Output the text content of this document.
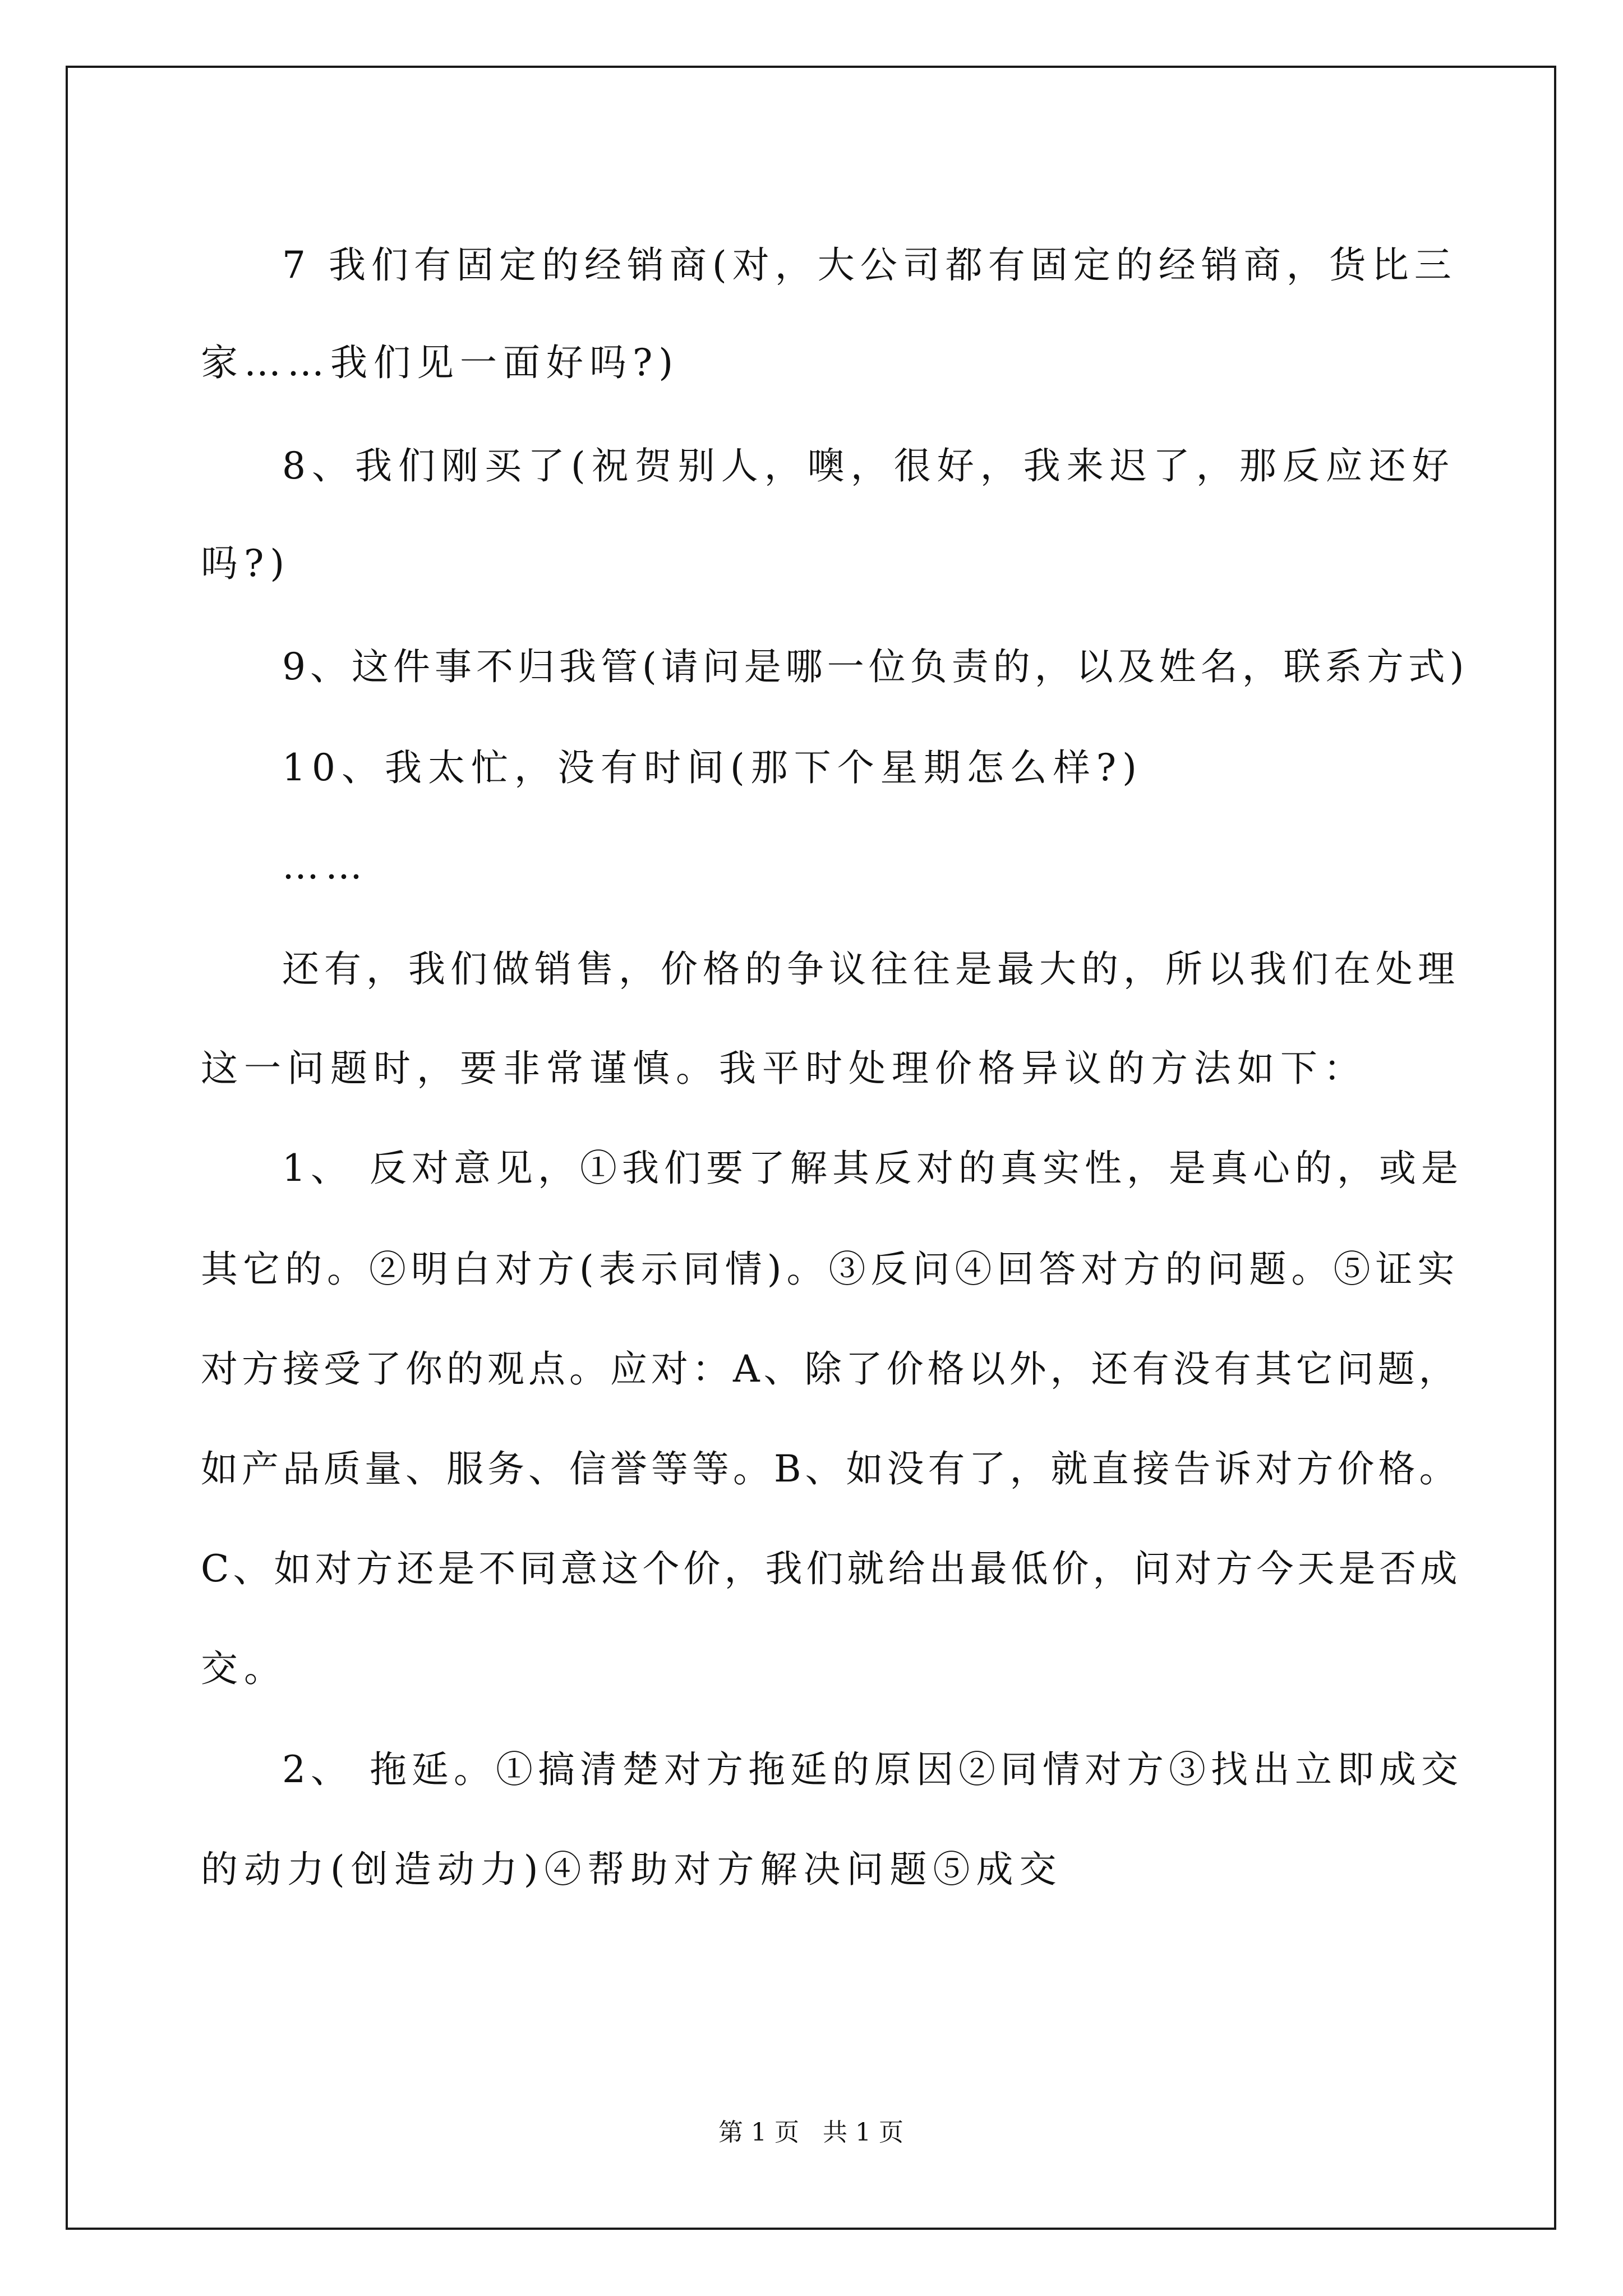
7 我们有固定的经销商(对，大公司都有固定的经销商，货比三
家……我们见一面好吗?)
8、我们刚买了(祝贺别人，噢，很好，我来迟了，那反应还好
吗?)
9、这件事不归我管(请问是哪一位负责的，以及姓名，联系方式)
10、我太忙，没有时间(那下个星期怎么样?)
……
还有，我们做销售，价格的争议往往是最大的，所以我们在处理
这一问题时，要非常谨慎。我平时处理价格异议的方法如下：
1、 反对意见，①我们要了解其反对的真实性，是真心的，或是
其它的。②明白对方(表示同情)。③反问④回答对方的问题。⑤证实
对方接受了你的观点。应对：A、除了价格以外，还有没有其它问题，
如产品质量、服务、信誉等等。B、如没有了，就直接告诉对方价格。
C、如对方还是不同意这个价，我们就给出最低价，问对方今天是否成
交。
2、 拖延。①搞清楚对方拖延的原因②同情对方③找出立即成交
的动力(创造动力)④帮助对方解决问题⑤成交
第 1 页   共 1 页
